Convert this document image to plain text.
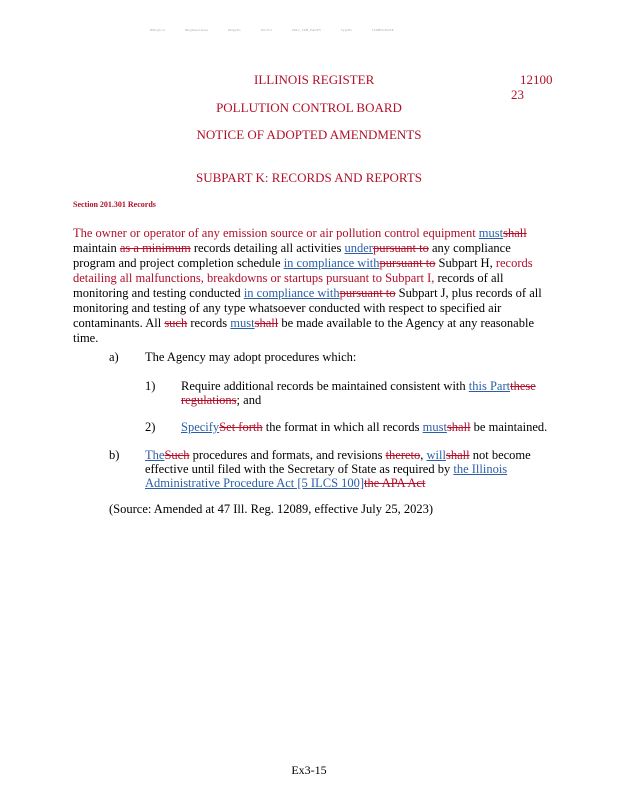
IPRegCod	IRegInsertIssue	IPageNo	ISrcVol	ISRC_SUB_PAGES	TypeNo	ISUBNoNOTE
ILLINOIS REGISTER	12100
23
POLLUTION CONTROL BOARD
NOTICE OF ADOPTED AMENDMENTS
SUBPART K: RECORDS AND REPORTS
Section 201.301 Records
The owner or operator of any emission source or air pollution control equipment mustshall maintain as a minimum records detailing all activities underpursuant to any compliance program and project completion schedule in compliance withpursuant to Subpart H, records detailing all malfunctions, breakdowns or startups pursuant to Subpart I, records of all monitoring and testing conducted in compliance withpursuant to Subpart J, plus records of all monitoring and testing of any type whatsoever conducted with respect to specified air contaminants. All such records mustshall be made available to the Agency at any reasonable time.
a) The Agency may adopt procedures which:
1) Require additional records be maintained consistent with this Partthese regulations; and
2) SpecifySet forth the format in which all records mustshall be maintained.
b) TheSuch procedures and formats, and revisions thereto, willshall not become effective until filed with the Secretary of State as required by the Illinois Administrative Procedure Act [5 ILCS 100]the APA Act
(Source: Amended at 47 Ill. Reg. 12089, effective July 25, 2023)
Ex3-15
